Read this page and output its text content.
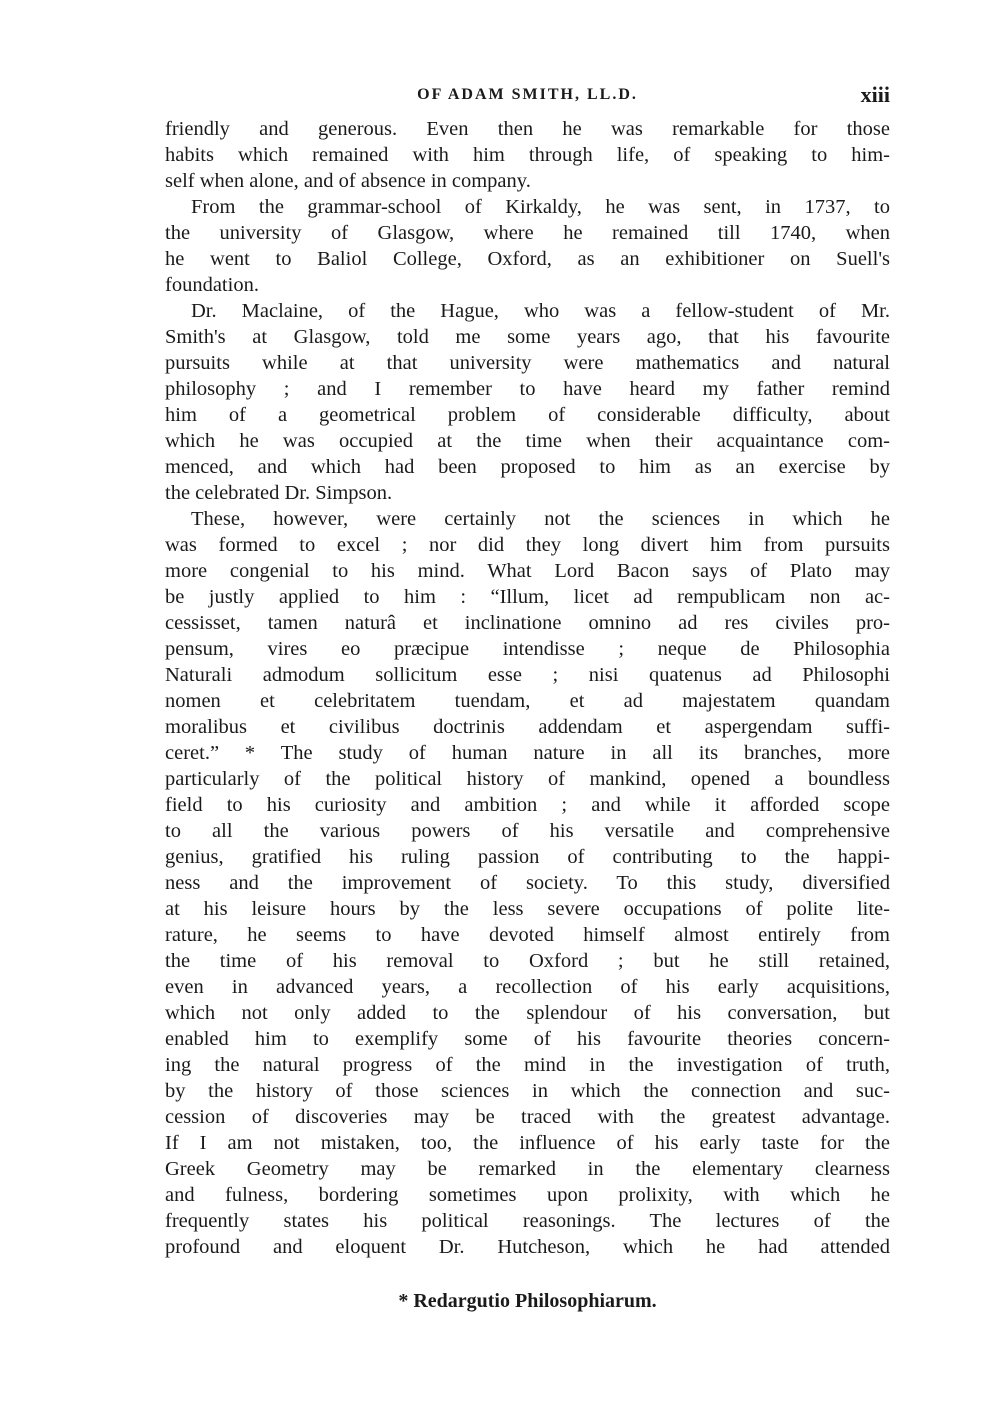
OF ADAM SMITH, LL.D.	xiii
friendly and generous. Even then he was remarkable for those
habits which remained with him through life, of speaking to him-
self when alone, and of absence in company.
From the grammar-school of Kirkaldy, he was sent, in 1737, to
the university of Glasgow, where he remained till 1740, when
he went to Baliol College, Oxford, as an exhibitioner on Suell's
foundation.
Dr. Maclaine, of the Hague, who was a fellow-student of Mr.
Smith's at Glasgow, told me some years ago, that his favourite
pursuits while at that university were mathematics and natural
philosophy ; and I remember to have heard my father remind
him of a geometrical problem of considerable difficulty, about
which he was occupied at the time when their acquaintance com-
menced, and which had been proposed to him as an exercise by
the celebrated Dr. Simpson.
These, however, were certainly not the sciences in which he
was formed to excel ; nor did they long divert him from pursuits
more congenial to his mind. What Lord Bacon says of Plato may
be justly applied to him : “Illum, licet ad rempublicam non ac-
cessisset, tamen naturâ et inclinatione omnino ad res civiles pro-
pensum, vires eo præcipue intendisse ; neque de Philosophia
Naturali admodum sollicitum esse ; nisi quatenus ad Philosophi
nomen et celebritatem tuendam, et ad majestatem quandam
moralibus et civilibus doctrinis addendam et aspergendam suffi-
ceret.” * The study of human nature in all its branches, more
particularly of the political history of mankind, opened a boundless
field to his curiosity and ambition ; and while it afforded scope
to all the various powers of his versatile and comprehensive
genius, gratified his ruling passion of contributing to the happi-
ness and the improvement of society. To this study, diversified
at his leisure hours by the less severe occupations of polite lite-
rature, he seems to have devoted himself almost entirely from
the time of his removal to Oxford ; but he still retained,
even in advanced years, a recollection of his early acquisitions,
which not only added to the splendour of his conversation, but
enabled him to exemplify some of his favourite theories concern-
ing the natural progress of the mind in the investigation of truth,
by the history of those sciences in which the connection and suc-
cession of discoveries may be traced with the greatest advantage.
If I am not mistaken, too, the influence of his early taste for the
Greek Geometry may be remarked in the elementary clearness
and fulness, bordering sometimes upon prolixity, with which he
frequently states his political reasonings. The lectures of the
profound and eloquent Dr. Hutcheson, which he had attended
* Redargutio Philosophiarum.
